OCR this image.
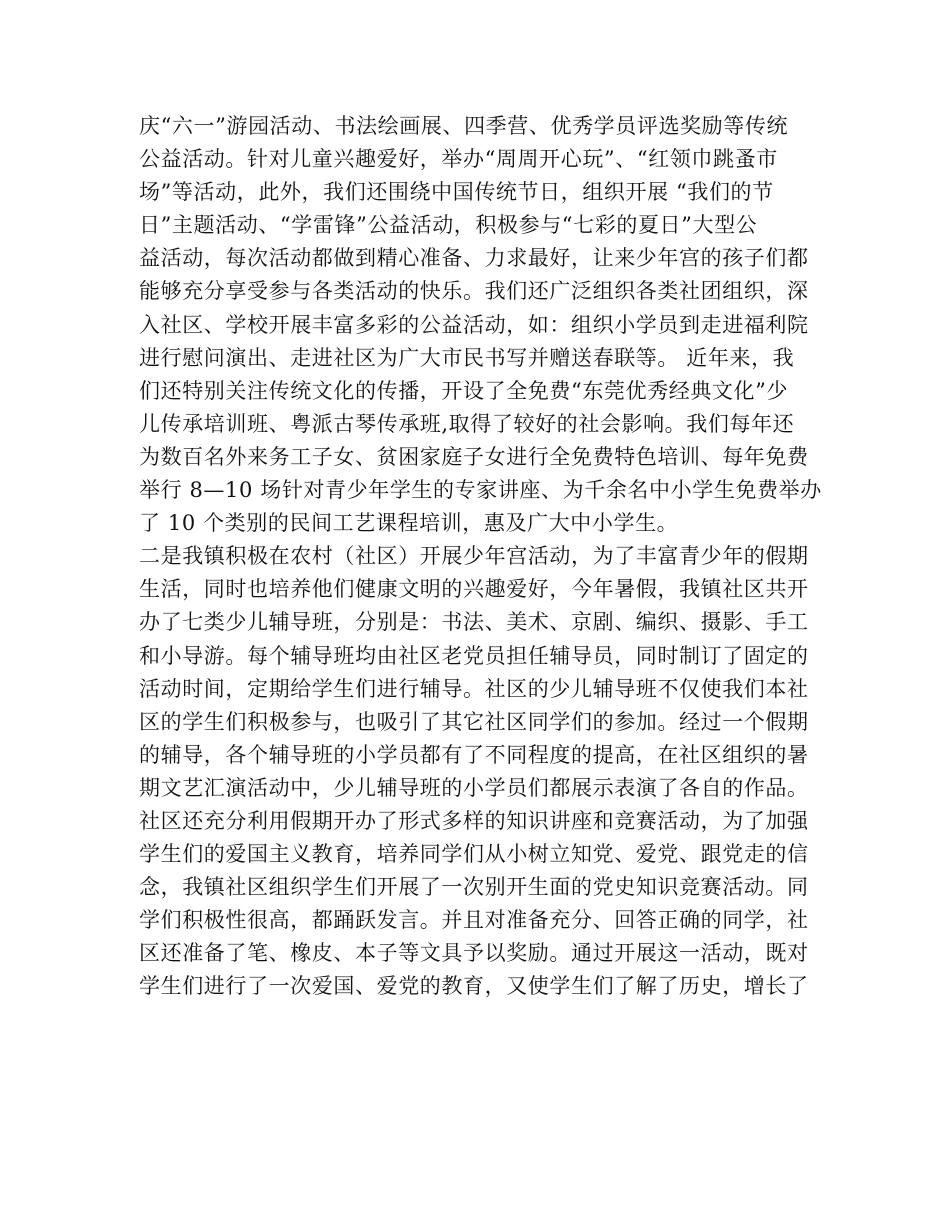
庆“六一”游园活动、书法绘画展、四季营、优秀学员评选奖励等传统
公益活动。针对儿童兴趣爱好，举办“周周开心玩”、“红领巾跳蚤市
场”等活动，此外，我们还围绕中国传统节日，组织开展 “我们的节
日”主题活动、“学雷锋”公益活动，积极参与“七彩的夏日”大型公
益活动，每次活动都做到精心准备、力求最好，让来少年宫的孩子们都
能够充分享受参与各类活动的快乐。我们还广泛组织各类社团组织，深
入社区、学校开展丰富多彩的公益活动，如：组织小学员到走进福利院
进行慰问演出、走进社区为广大市民书写并赠送春联等。 近年来，我
们还特别关注传统文化的传播，开设了全免费“东莞优秀经典文化”少
儿传承培训班、粤派古琴传承班,取得了较好的社会影响。我们每年还
为数百名外来务工子女、贫困家庭子女进行全免费特色培训、每年免费
举行 8—10 场针对青少年学生的专家讲座、为千余名中小学生免费举办
了 10 个类别的民间工艺课程培训，惠及广大中小学生。
二是我镇积极在农村（社区）开展少年宫活动，为了丰富青少年的假期
生活，同时也培养他们健康文明的兴趣爱好，今年暑假，我镇社区共开
办了七类少儿辅导班，分别是：书法、美术、京剧、编织、摄影、手工
和小导游。每个辅导班均由社区老党员担任辅导员，同时制订了固定的
活动时间，定期给学生们进行辅导。社区的少儿辅导班不仅使我们本社
区的学生们积极参与，也吸引了其它社区同学们的参加。经过一个假期
的辅导，各个辅导班的小学员都有了不同程度的提高，在社区组织的暑
期文艺汇演活动中，少儿辅导班的小学员们都展示表演了各自的作品。
社区还充分利用假期开办了形式多样的知识讲座和竞赛活动，为了加强
学生们的爱国主义教育，培养同学们从小树立知党、爱党、跟党走的信
念，我镇社区组织学生们开展了一次别开生面的党史知识竞赛活动。同
学们积极性很高，都踊跃发言。并且对准备充分、回答正确的同学，社
区还准备了笔、橡皮、本子等文具予以奖励。通过开展这一活动，既对
学生们进行了一次爱国、爱党的教育，又使学生们了解了历史，增长了
